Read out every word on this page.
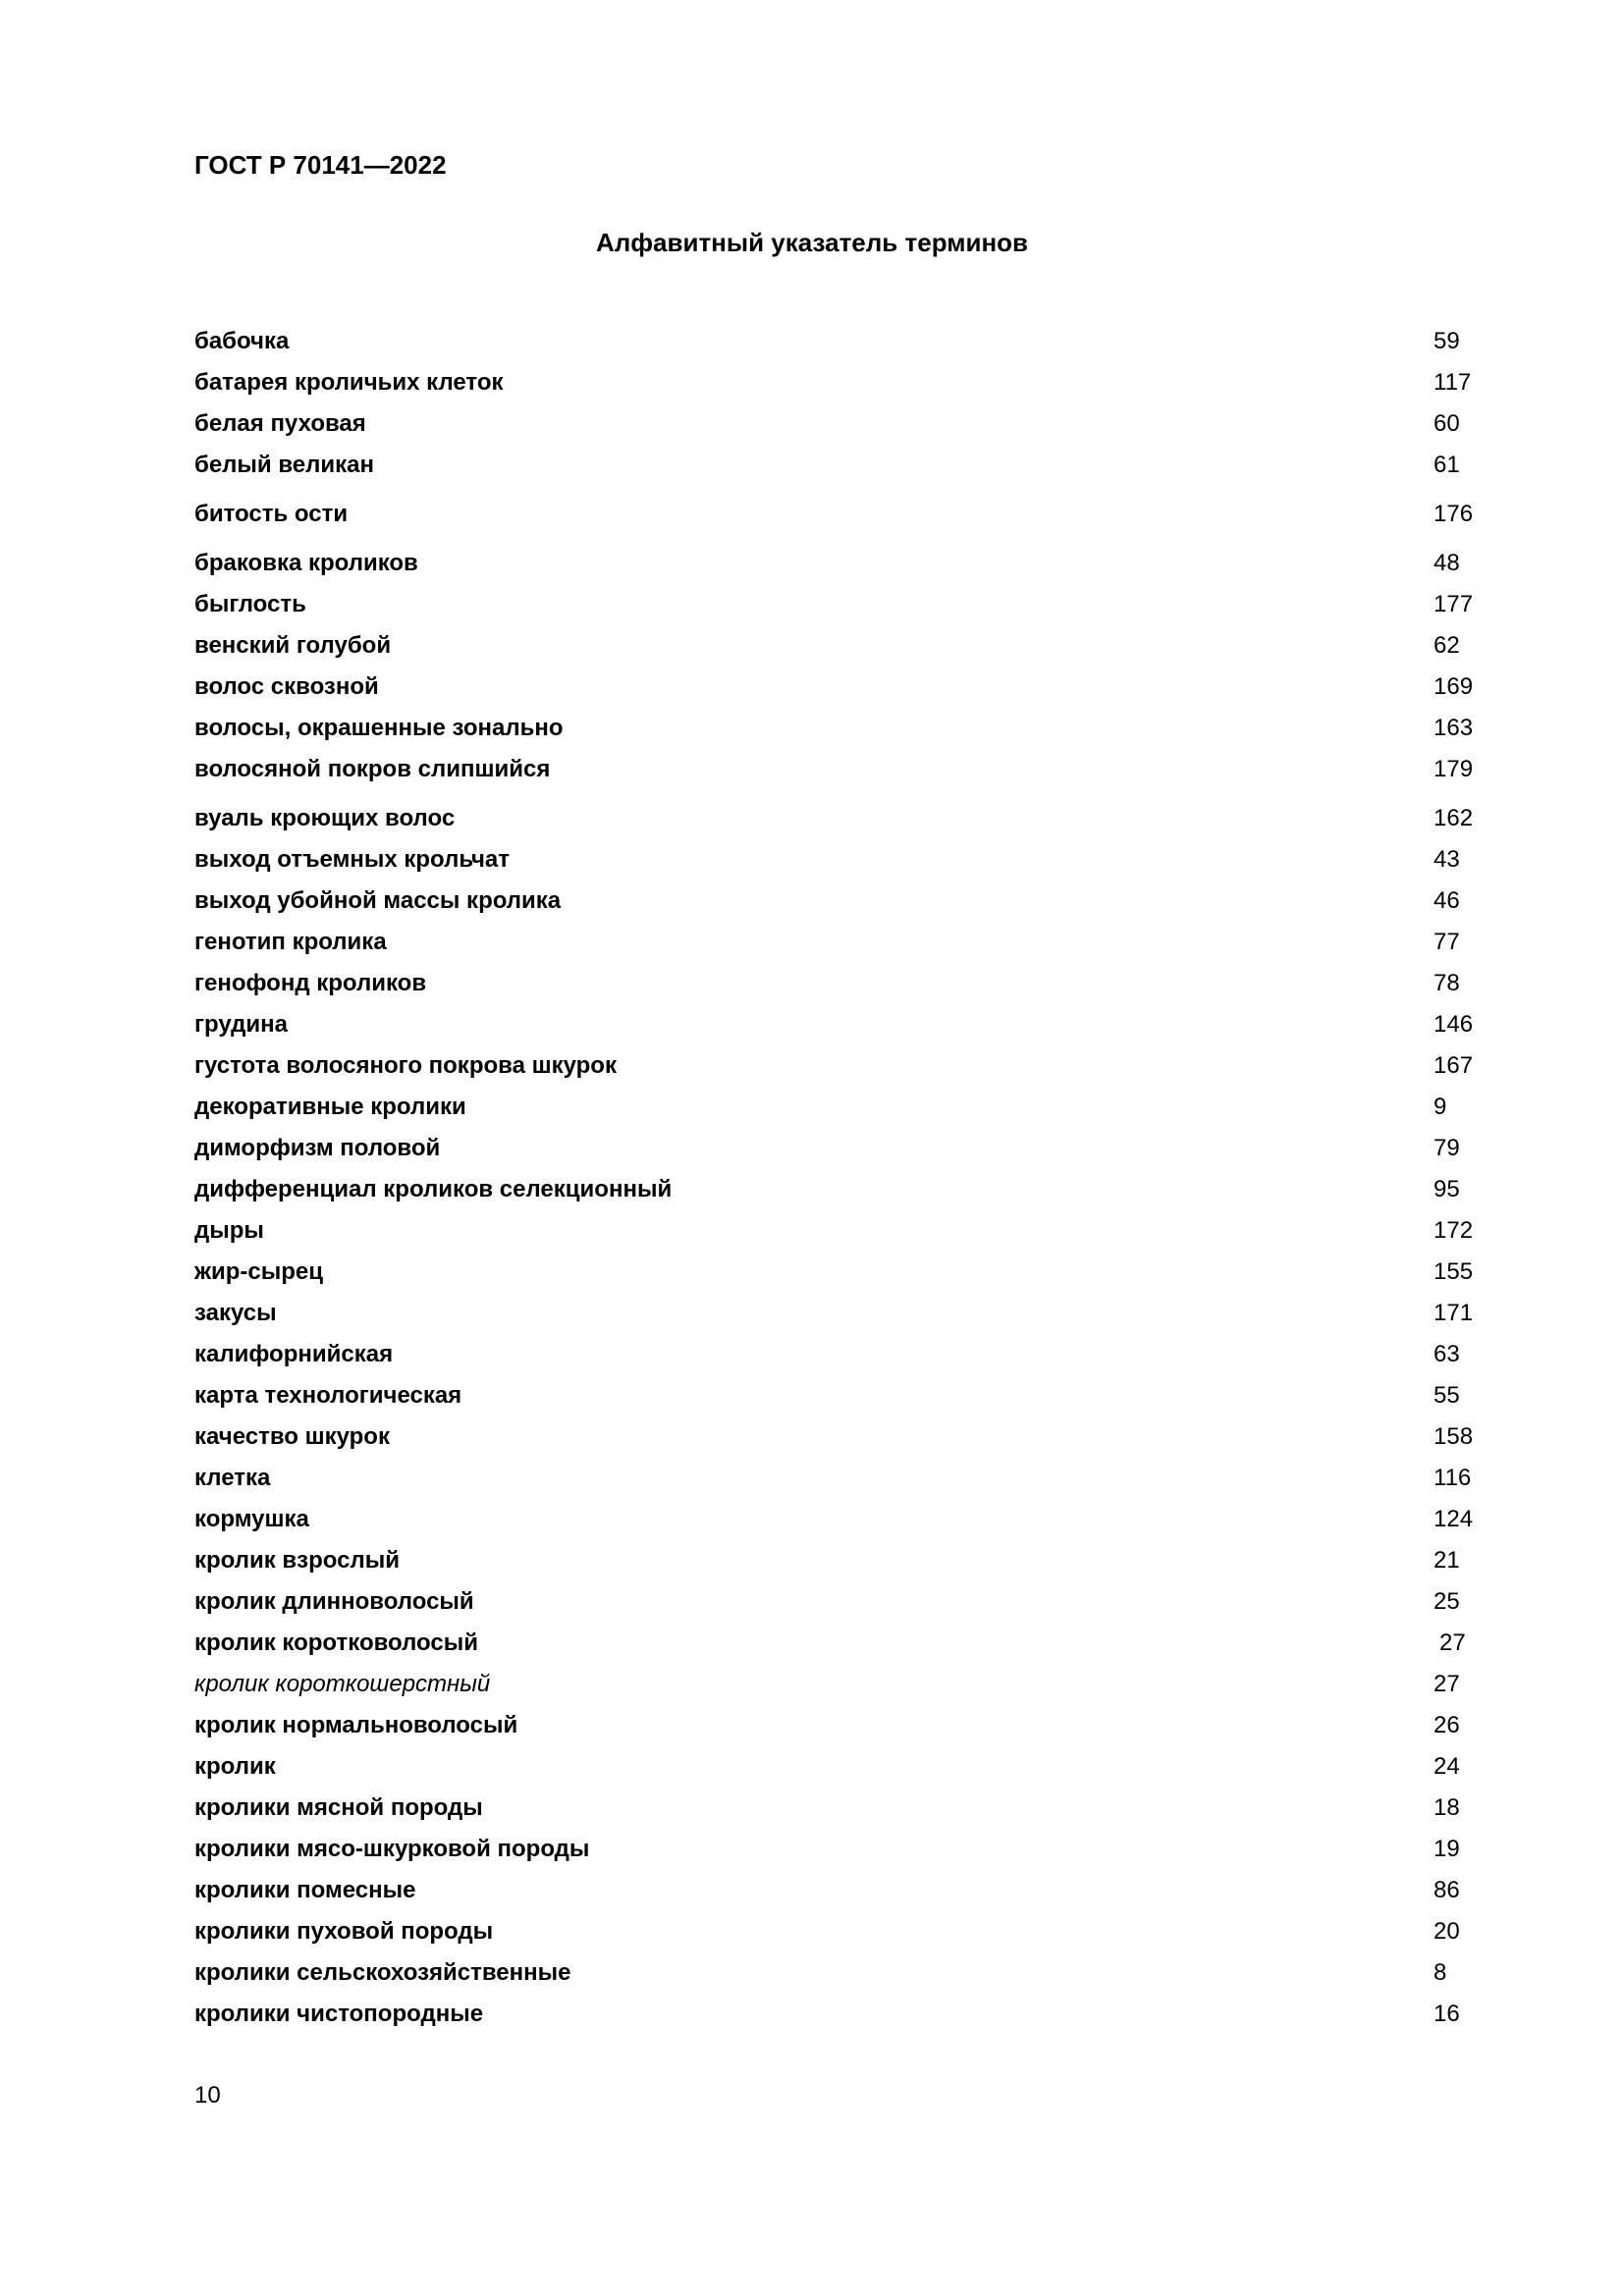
ГОСТ Р 70141—2022
Алфавитный указатель терминов
бабочка	59
батарея кроличьих клеток	117
белая пуховая	60
белый великан	61
битость ости	176
браковка кроликов	48
быглость	177
венский голубой	62
волос сквозной	169
волосы, окрашенные зонально	163
волосяной покров слипшийся	179
вуаль кроющих волос	162
выход отъемных крольчат	43
выход убойной массы кролика	46
генотип кролика	77
генофонд кроликов	78
грудина	146
густота волосяного покрова шкурок	167
декоративные кролики	9
диморфизм половой	79
дифференциал кроликов селекционный	95
дыры	172
жир-сырец	155
закусы	171
калифорнийская	63
карта технологическая	55
качество шкурок	158
клетка	116
кормушка	124
кролик взрослый	21
кролик длинноволосый	25
кролик коротковолосый	27
кролик короткошерстный	27
кролик нормальноволосый	26
кролик	24
кролики мясной породы	18
кролики мясо-шкурковой породы	19
кролики помесные	86
кролики пуховой породы	20
кролики сельскохозяйственные	8
кролики чистопородные	16
10
